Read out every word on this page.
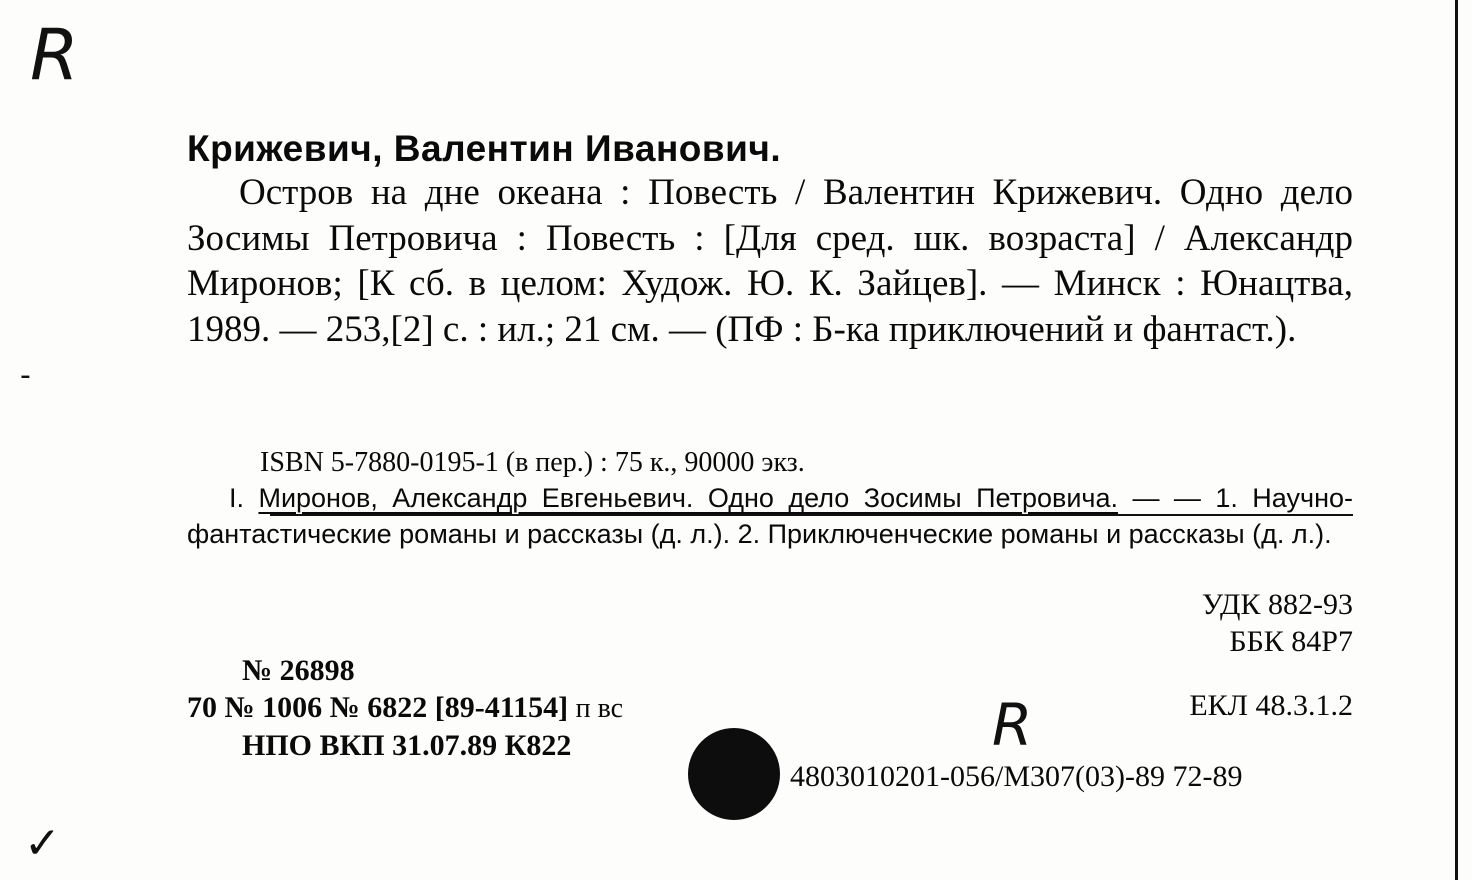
R
-
✓
Крижевич, Валентин Иванович.

Остров на дне океана : Повесть / Валентин Крижевич. Одно дело Зосимы Петровича : Повесть : [Для сред. шк. возраста] / Александр Миронов; [К сб. в целом: Худож. Ю. К. Зайцев]. — Минск : Юнацтва, 1989. — 253,[2] с. : ил.; 21 см. — (ПФ : Б-ка приключений и фантаст.).

ISBN 5-7880-0195-1 (в пер.) : 75 к., 90000 экз.

I. Миронов, Александр Евгеньевич. Одно дело Зосимы Петровича. — — 1. Научно-фантастические романы и рассказы (д. л.). 2. Приключенческие романы и рассказы (д. л.).

УДК 882-93
ББК 84Р7
№ 26898
70 № 1006 № 6822 [89-41154] п вс
НПО ВКП 31.07.89 К822
ЕКЛ 48.3.1.2
R
4803010201-056/М307(03)-89 72-89
